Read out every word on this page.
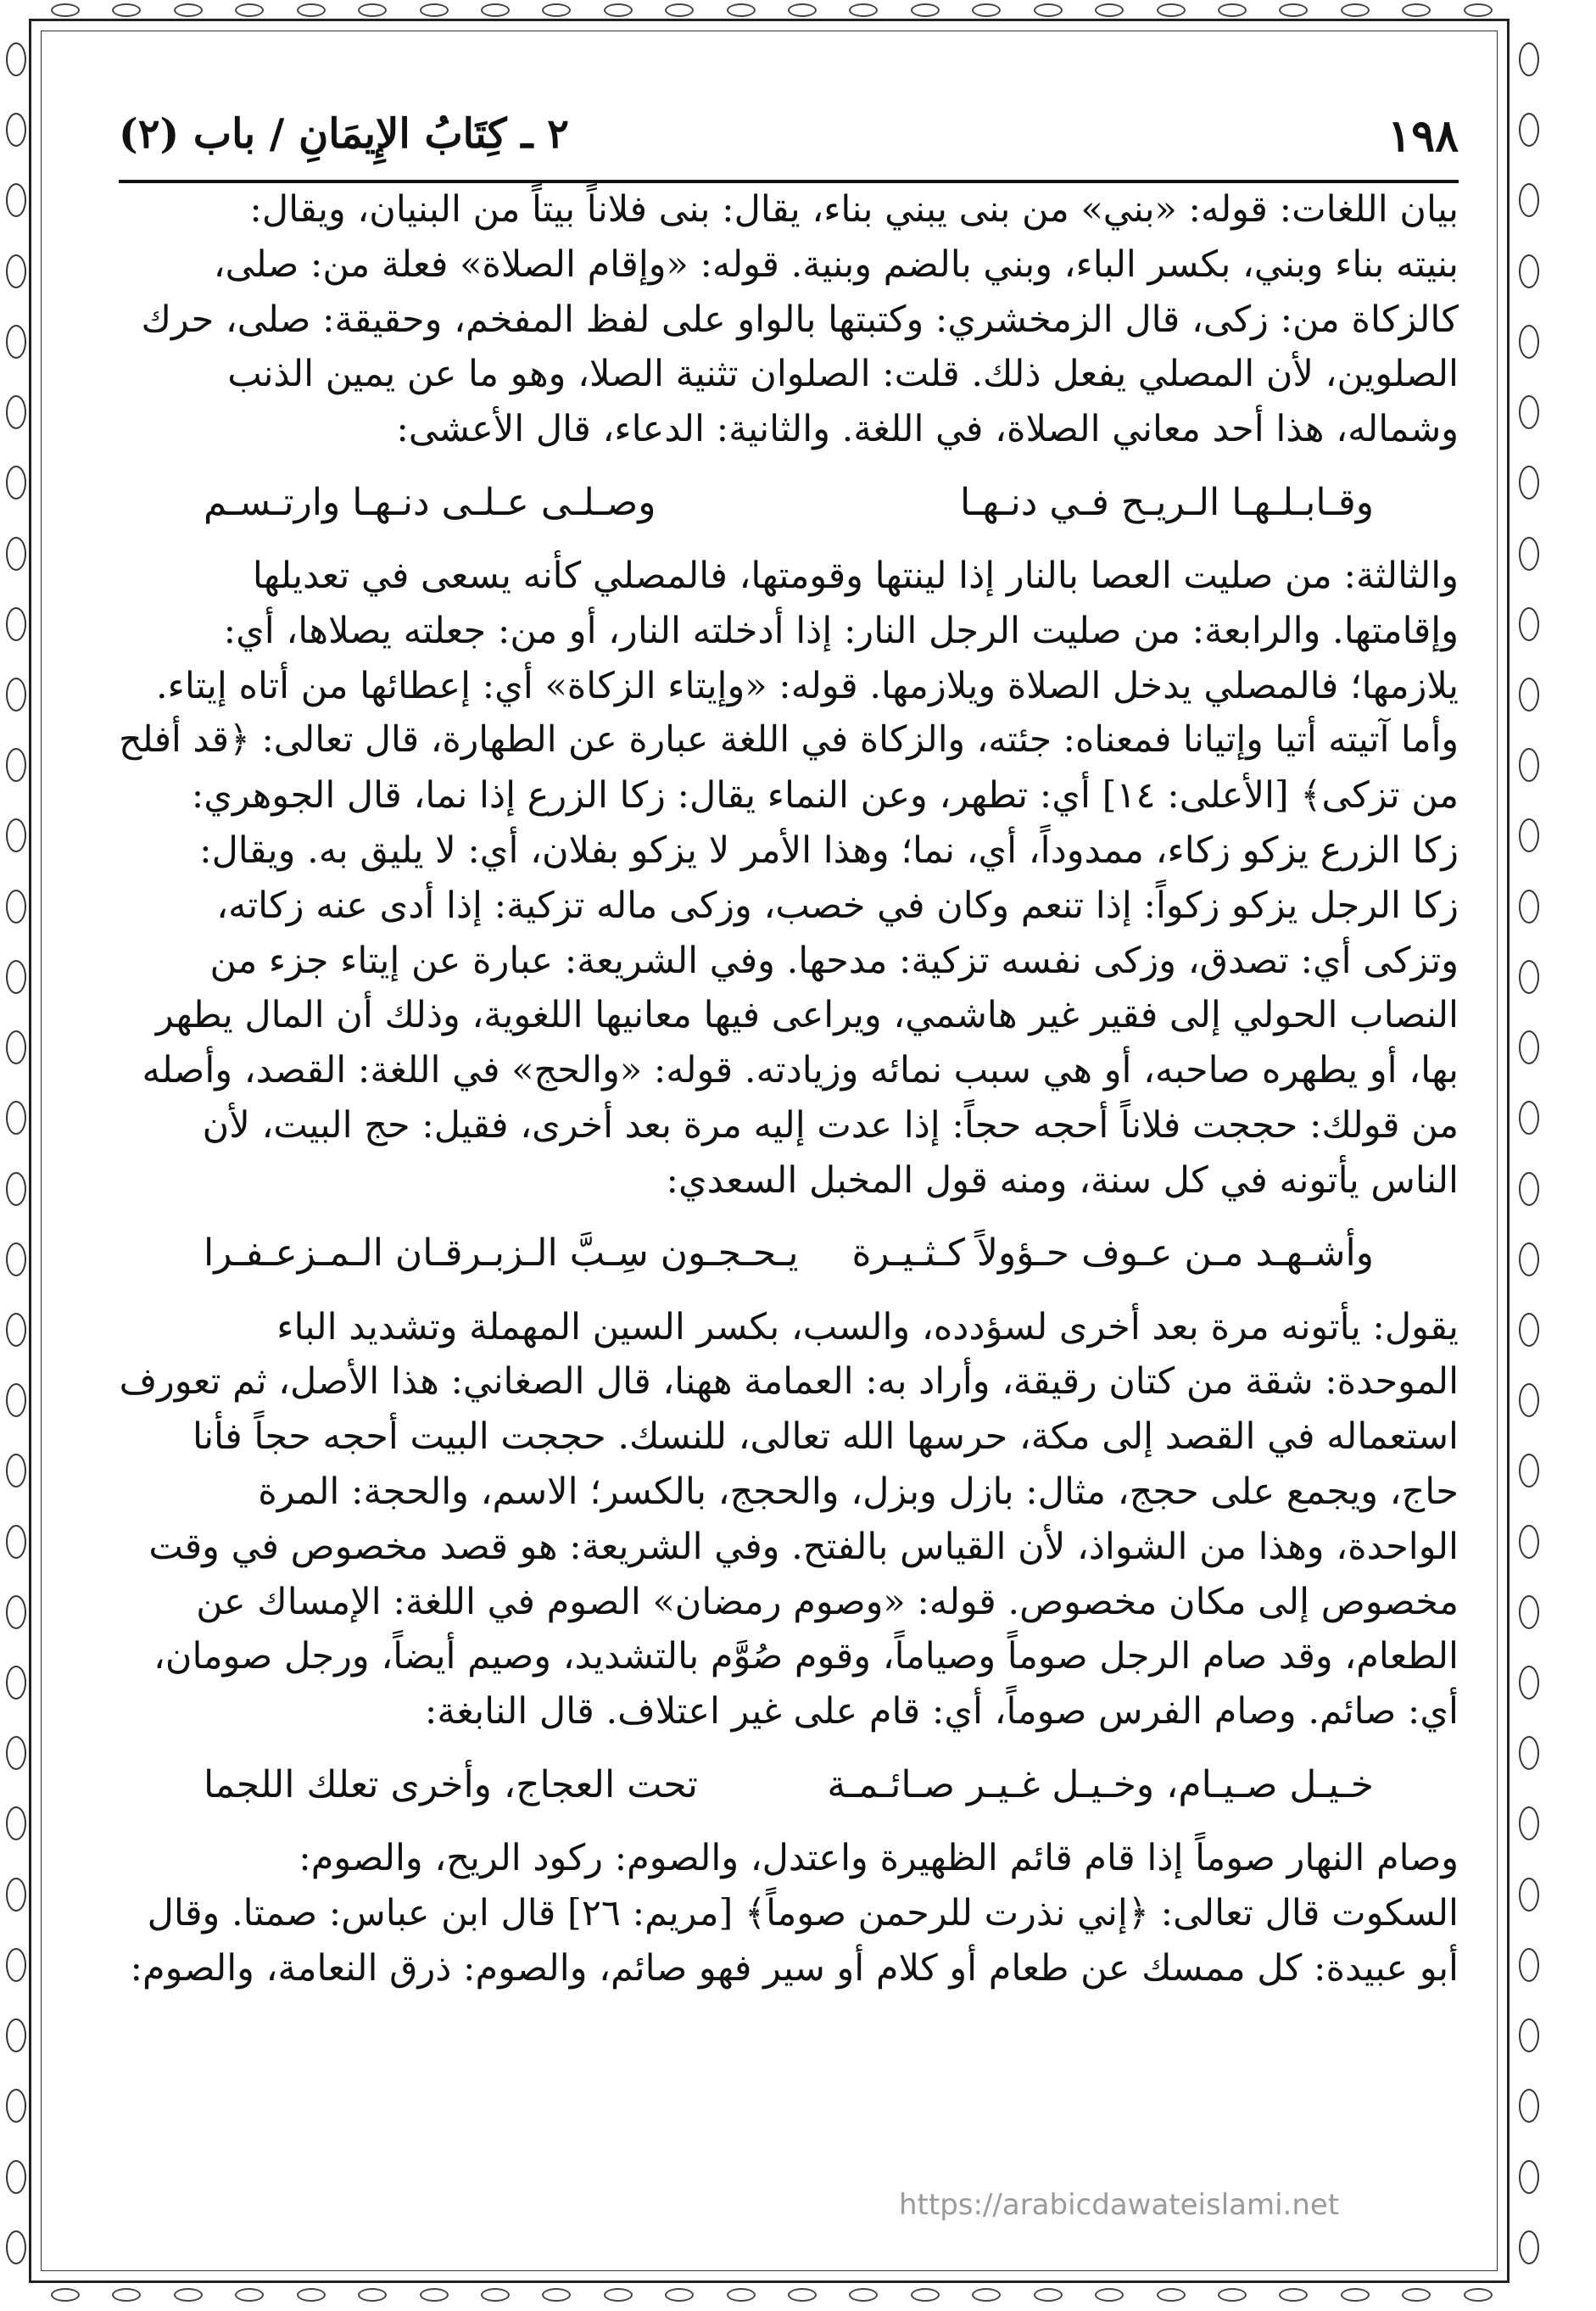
١٩٨
٢ ـ كِتَابُ الإِيمَانِ / باب (٢)
بيان اللغات: قوله: «بني» من بنى يبني بناء، يقال: بنى فلاناً بيتاً من البنيان، ويقال:
بنيته بناء وبني، بكسر الباء، وبني بالضم وبنية. قوله: «وإقام الصلاة» فعلة من: صلى،
كالزكاة من: زكى، قال الزمخشري: وكتبتها بالواو على لفظ المفخم، وحقيقة: صلى، حرك
الصلوين، لأن المصلي يفعل ذلك. قلت: الصلوان تثنية الصلا، وهو ما عن يمين الذنب
وشماله، هذا أحد معاني الصلاة، في اللغة. والثانية: الدعاء، قال الأعشى:
وقـابـلـهـا الـريـح فـي دنـهـا
وصـلـى عـلـى دنـهـا وارتـسـم
والثالثة: من صليت العصا بالنار إذا لينتها وقومتها، فالمصلي كأنه يسعى في تعديلها
وإقامتها. والرابعة: من صليت الرجل النار: إذا أدخلته النار، أو من: جعلته يصلاها، أي:
يلازمها؛ فالمصلي يدخل الصلاة ويلازمها. قوله: «وإيتاء الزكاة» أي: إعطائها من أتاه إيتاء.
وأما آتيته أتيا وإتيانا فمعناه: جئته، والزكاة في اللغة عبارة عن الطهارة، قال تعالى: ﴿قد أفلح
من تزكى﴾ [الأعلى: ١٤] أي: تطهر، وعن النماء يقال: زكا الزرع إذا نما، قال الجوهري:
زكا الزرع يزكو زكاء، ممدوداً، أي، نما؛ وهذا الأمر لا يزكو بفلان، أي: لا يليق به. ويقال:
زكا الرجل يزكو زكواً: إذا تنعم وكان في خصب، وزكى ماله تزكية: إذا أدى عنه زكاته،
وتزكى أي: تصدق، وزكى نفسه تزكية: مدحها. وفي الشريعة: عبارة عن إيتاء جزء من
النصاب الحولي إلى فقير غير هاشمي، ويراعى فيها معانيها اللغوية، وذلك أن المال يطهر
بها، أو يطهره صاحبه، أو هي سبب نمائه وزيادته. قوله: «والحج» في اللغة: القصد، وأصله
من قولك: حججت فلاناً أحجه حجاً: إذا عدت إليه مرة بعد أخرى، فقيل: حج البيت، لأن
الناس يأتونه في كل سنة، ومنه قول المخبل السعدي:
وأشـهـد مـن عـوف حـؤولاً كـثـيـرة
يـحـجـون سِـبَّ الـزبـرقـان الـمـزعـفـرا
يقول: يأتونه مرة بعد أخرى لسؤدده، والسب، بكسر السين المهملة وتشديد الباء
الموحدة: شقة من كتان رقيقة، وأراد به: العمامة ههنا، قال الصغاني: هذا الأصل، ثم تعورف
استعماله في القصد إلى مكة، حرسها الله تعالى، للنسك. حججت البيت أحجه حجاً فأنا
حاج، ويجمع على حجج، مثال: بازل وبزل، والحجج، بالكسر؛ الاسم، والحجة: المرة
الواحدة، وهذا من الشواذ، لأن القياس بالفتح. وفي الشريعة: هو قصد مخصوص في وقت
مخصوص إلى مكان مخصوص. قوله: «وصوم رمضان» الصوم في اللغة: الإمساك عن
الطعام، وقد صام الرجل صوماً وصياماً، وقوم صُوَّم بالتشديد، وصيم أيضاً، ورجل صومان،
أي: صائم. وصام الفرس صوماً، أي: قام على غير اعتلاف. قال النابغة:
خـيـل صـيـام، وخـيـل غـيـر صـائـمـة
تحت العجاج، وأخرى تعلك اللجما
وصام النهار صوماً إذا قام قائم الظهيرة واعتدل، والصوم: ركود الريح، والصوم:
السكوت قال تعالى: ﴿إني نذرت للرحمن صوماً﴾ [مريم: ٢٦] قال ابن عباس: صمتا. وقال
أبو عبيدة: كل ممسك عن طعام أو كلام أو سير فهو صائم، والصوم: ذرق النعامة، والصوم:
https://arabicdawateislami.net
